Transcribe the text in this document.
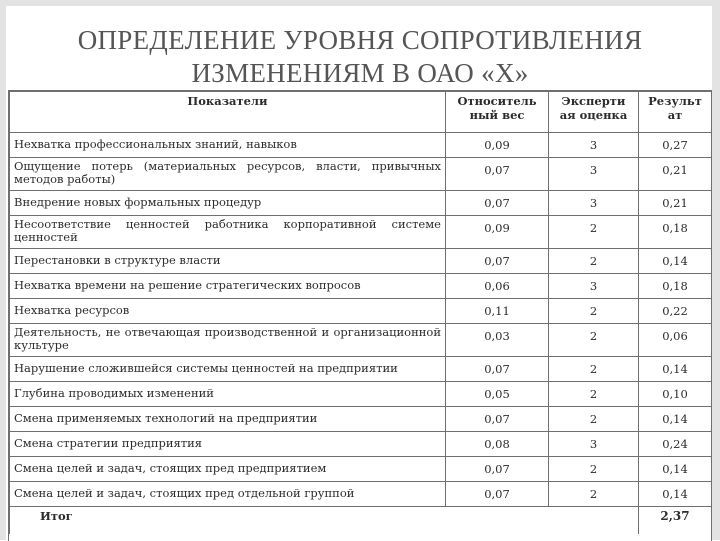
ОПРЕДЕЛЕНИЕ УРОВНЯ СОПРОТИВЛЕНИЯ
ИЗМЕНЕНИЯМ В ОАО «Х»
Показатели	Относитель ный вес	Эксперти ая оценка	Результ ат
Нехватка профессиональных знаний, навыков	0,09	3	0,27
Ощущение потерь (материальных ресурсов, власти, привычных методов работы)	0,07	3	0,21
Внедрение новых формальных процедур	0,07	3	0,21
Несоответствие ценностей работника корпоративной системе ценностей	0,09	2	0,18
Перестановки в структуре власти	0,07	2	0,14
Нехватка времени на решение стратегических вопросов	0,06	3	0,18
Нехватка ресурсов	0,11	2	0,22
Деятельность, не отвечающая производственной и организационной культуре	0,03	2	0,06
Нарушение сложившейся системы ценностей на предприятии	0,07	2	0,14
Глубина проводимых изменений	0,05	2	0,10
Смена применяемых технологий на предприятии	0,07	2	0,14
Смена стратегии предприятия	0,08	3	0,24
Смена целей и задач, стоящих пред предприятием	0,07	2	0,14
Смена целей и задач, стоящих пред отдельной группой	0,07	2	0,14
Итог			2,37
